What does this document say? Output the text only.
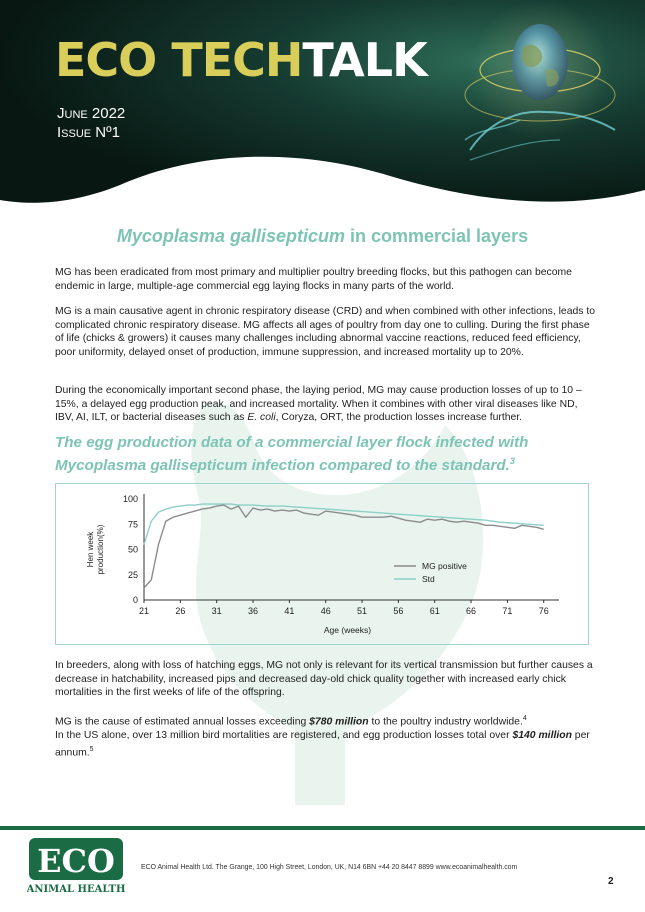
ECO TECHTALK
June 2022
Issue Nº1
Mycoplasma gallisepticum in commercial layers

MG has been eradicated from most primary and multiplier poultry breeding flocks, but this pathogen can become endemic in large, multiple-age commercial egg laying flocks in many parts of the world.

MG is a main causative agent in chronic respiratory disease (CRD) and when combined with other infections, leads to complicated chronic respiratory disease. MG affects all ages of poultry from day one to culling. During the first phase of life (chicks & growers) it causes many challenges including abnormal vaccine reactions, reduced feed efficiency, poor uniformity, delayed onset of production, immune suppression, and increased mortality up to 20%.

During the economically important second phase, the laying period, MG may cause production losses of up to 10 – 15%, a delayed egg production peak, and increased mortality. When it combines with other viral diseases like ND, IBV, AI, ILT, or bacterial diseases such as E. coli, Coryza, ORT, the production losses increase further.

The egg production data of a commercial layer flock infected with Mycoplasma gallisepticum infection compared to the standard.$^3$
0
25
50
75
100
21	26	31	36	41	46	51	56	61	66	71	76
Age (weeks)
Hen week production(%)	MG positive
Std

In breeders, along with loss of hatching eggs, MG not only is relevant for its vertical transmission but further causes a decrease in hatchability, increased pips and decreased day-old chick quality together with increased early chick mortalities in the first weeks of life of the offspring.

MG is the cause of estimated annual losses exceeding $780 million to the poultry industry worldwide.$^4$
In the US alone, over 13 million bird mortalities are registered, and egg production losses total over $140 million per annum.$^5$

ECO
ANIMAL HEALTH
ECO Animal Health Ltd. The Grange, 100 High Street, London, UK, N14 6BN +44 20 8447 8899 www.ecoanimalhealth.com
2
